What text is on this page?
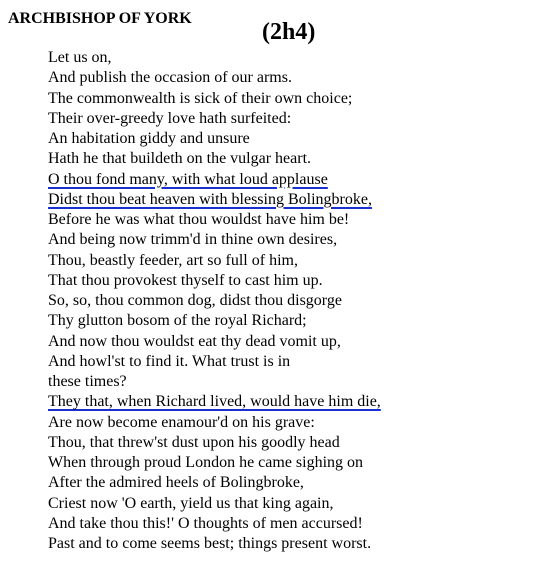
ARCHBISHOP OF YORK
(2h4)
Let us on,
And publish the occasion of our arms.
The commonwealth is sick of their own choice;
Their over-greedy love hath surfeited:
An habitation giddy and unsure
Hath he that buildeth on the vulgar heart.
O thou fond many, with what loud applause
Didst thou beat heaven with blessing Bolingbroke,
Before he was what thou wouldst have him be!
And being now trimm'd in thine own desires,
Thou, beastly feeder, art so full of him,
That thou provokest thyself to cast him up.
So, so, thou common dog, didst thou disgorge
Thy glutton bosom of the royal Richard;
And now thou wouldst eat thy dead vomit up,
And howl'st to find it. What trust is in
these times?
They that, when Richard lived, would have him die,
Are now become enamour'd on his grave:
Thou, that threw'st dust upon his goodly head
When through proud London he came sighing on
After the admired heels of Bolingbroke,
Criest now 'O earth, yield us that king again,
And take thou this!' O thoughts of men accursed!
Past and to come seems best; things present worst.
